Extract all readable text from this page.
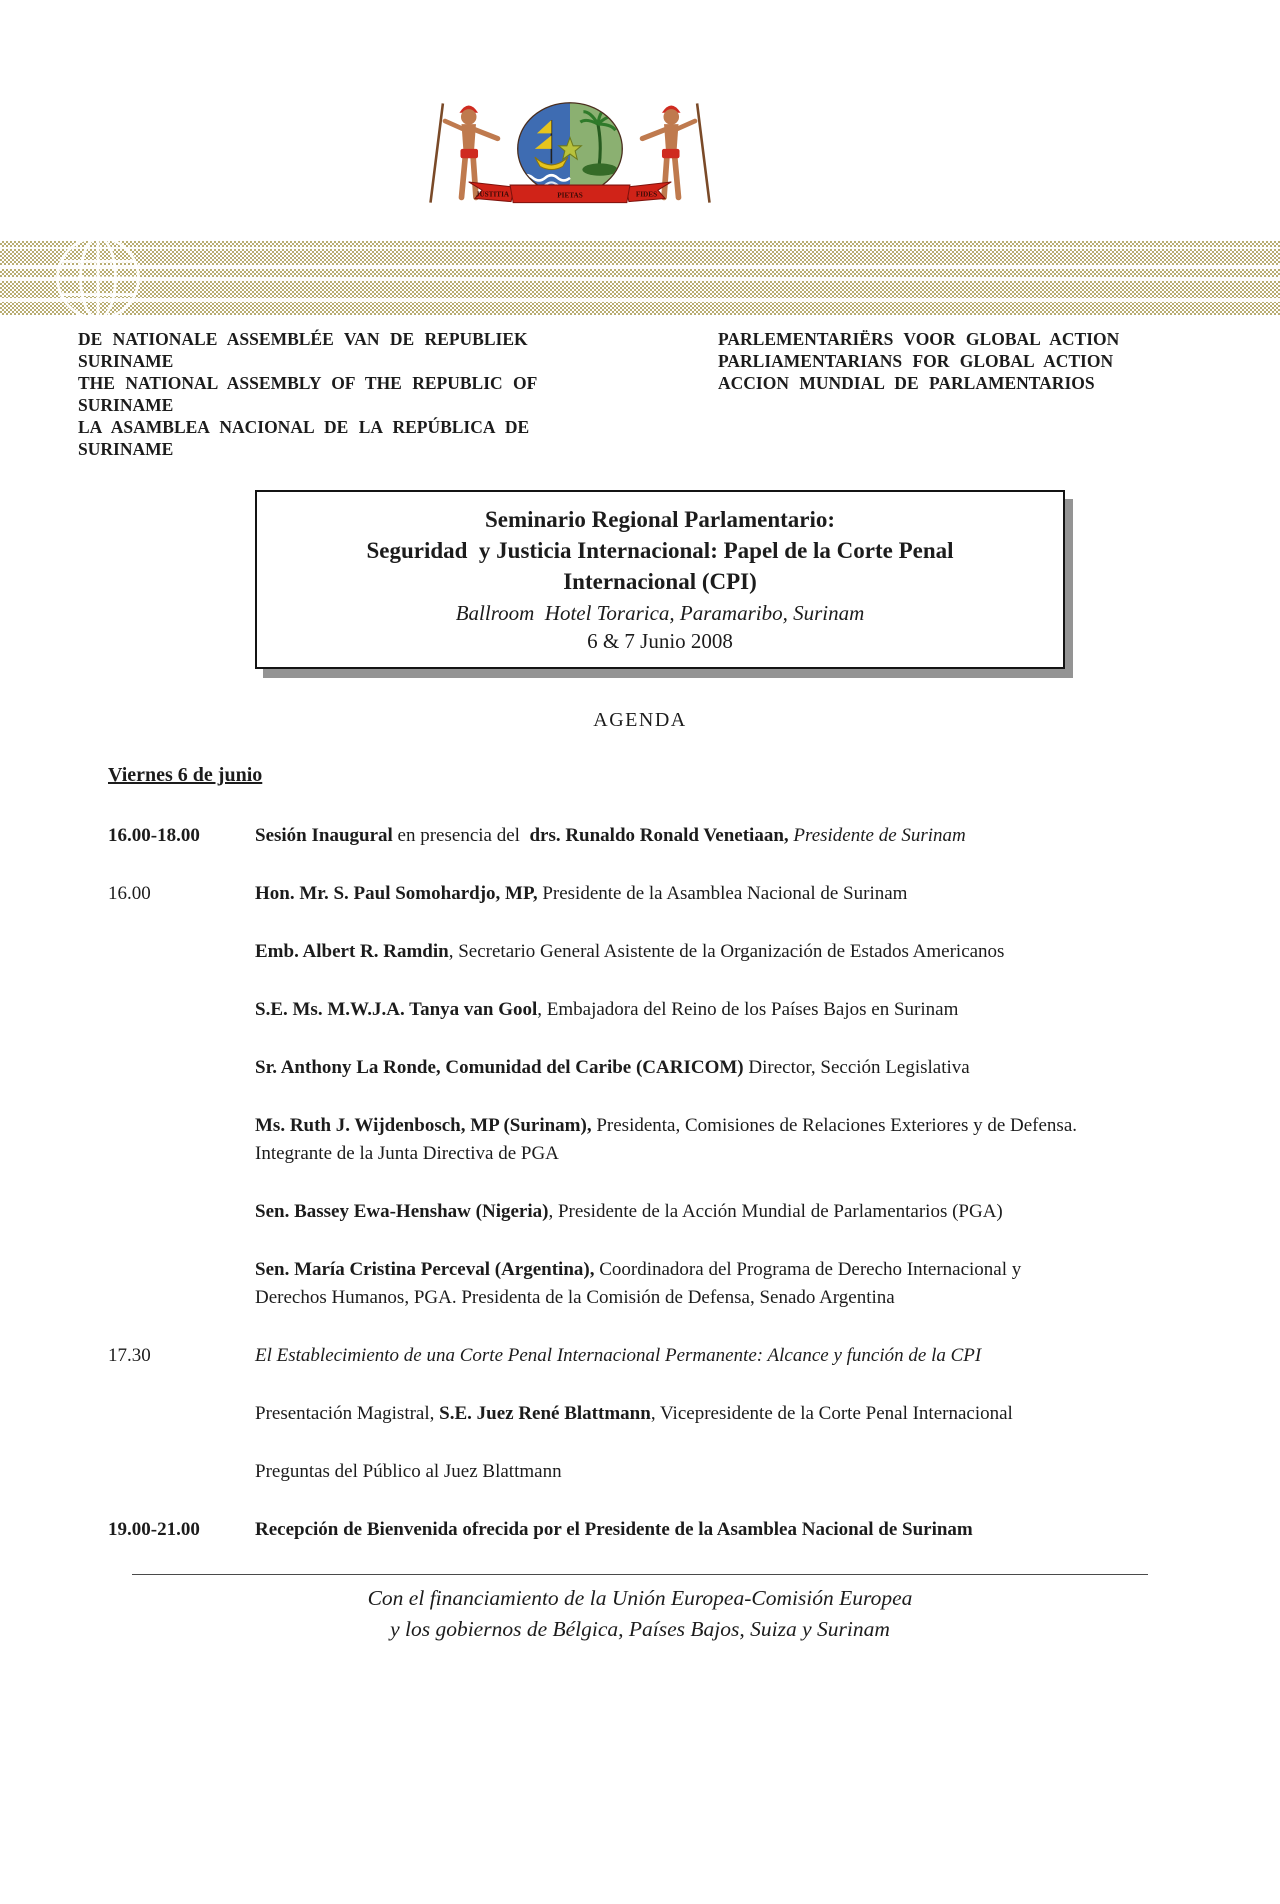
JUSTITIA	PIETAS	FIDES
DE NATIONALE ASSEMBLÉE VAN DE REPUBLIEK
SURINAME
THE NATIONAL ASSEMBLY OF THE REPUBLIC OF
SURINAME
LA ASAMBLEA NACIONAL DE LA REPÚBLICA DE
SURINAME
PARLEMENTARIËRS VOOR GLOBAL ACTION
PARLIAMENTARIANS FOR GLOBAL ACTION
ACCION MUNDIAL DE PARLAMENTARIOS
Seminario Regional Parlamentario:
Seguridad  y Justicia Internacional: Papel de la Corte Penal
Internacional (CPI)
Ballroom  Hotel Torarica, Paramaribo, Surinam
6 & 7 Junio 2008
AGENDA
Viernes 6 de junio
16.00-18.00	Sesión Inaugural en presencia del  drs. Runaldo Ronald Venetiaan, Presidente de Surinam
16.00	Hon. Mr. S. Paul Somohardjo, MP, Presidente de la Asamblea Nacional de Surinam
Emb. Albert R. Ramdin, Secretario General Asistente de la Organización de Estados Americanos
S.E. Ms. M.W.J.A. Tanya van Gool, Embajadora del Reino de los Países Bajos en Surinam
Sr. Anthony La Ronde, Comunidad del Caribe (CARICOM) Director, Sección Legislativa
Ms. Ruth J. Wijdenbosch, MP (Surinam), Presidenta, Comisiones de Relaciones Exteriores y de Defensa. Integrante de la Junta Directiva de PGA
Sen. Bassey Ewa-Henshaw (Nigeria), Presidente de la Acción Mundial de Parlamentarios (PGA)
Sen. María Cristina Perceval (Argentina), Coordinadora del Programa de Derecho Internacional y Derechos Humanos, PGA. Presidenta de la Comisión de Defensa, Senado Argentina
17.30	El Establecimiento de una Corte Penal Internacional Permanente: Alcance y función de la CPI
Presentación Magistral, S.E. Juez René Blattmann, Vicepresidente de la Corte Penal Internacional
Preguntas del Público al Juez Blattmann
19.00-21.00	Recepción de Bienvenida ofrecida por el Presidente de la Asamblea Nacional de Surinam
Con el financiamiento de la Unión Europea-Comisión Europea
y los gobiernos de Bélgica, Países Bajos, Suiza y Surinam
